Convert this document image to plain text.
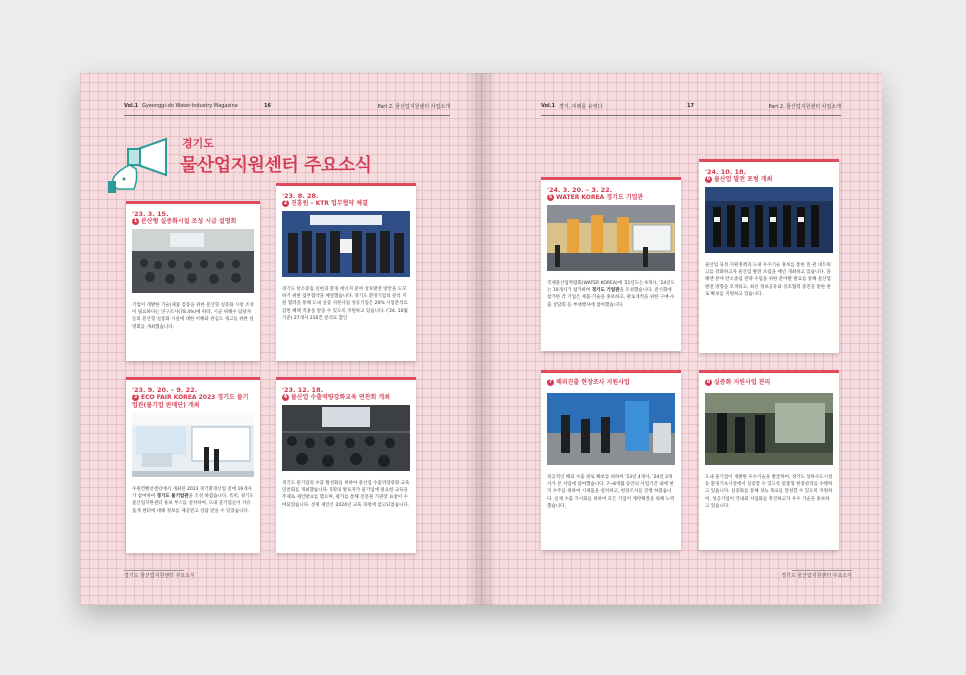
Vol.1 Gyeonggi-do Water-Industry Magazine	16	Part 2. 물산업지원센터 사업소개
경기도
물산업지원센터 주요소식
'23. 3. 15.
1 분산형 실증화시설 조성 시급 설명회
기업이 개발한 기술(제품 검증을 위한 분산형 실증화 시설 조성이 필요하다는 연구조사(78.4%)에 따라, 시군 위해수 담당자들의 분산형 실증화 시설에 대한 이해와 관심도 제고를 위한 설명회를 개최했습니다.
'23. 8. 28.
2 진흥원 – KTR 업무협약 체결
경기도 탄소중립 실현과 환경 에너지 분야 상호발전 방안을 도모하기 위한 업무협약을 체결했습니다. 경기도 환경기업의 분석 지원 협력을 통해 도내 실증 지원사업 성공기업은 20% 시험분석료 감면 혜택 적용을 받을 수 있도록 지원하고 있습니다. ('24. 10월 기준) 27개사 310건 분석료 할인
'23. 9. 20. – 9. 22.
3 ECO FAIR KOREA 2023 경기도 물기업관(물기업 판매단) 개최
수원컨벤션센터에서 개최된 2023 경기환경산업 전에 16개사가 참여하여 경기도 물기업관을 조성 하였습니다. 특히, 경기도 물산업지원센터 홍보 부스를 설치하여, 도내 물기업들이 자유롭게 센터에 대해 정보를 제공받고 상담 받을 수 있었습니다.
'23. 12. 18.
4 물산업 수출역량강화교육 연찬회 개최
경기도 물기업의 수출 활성화를 위하여 물산업 수출역량강화 교육 연찬회를 개최했습니다. 5명의 발표자가 물기업에 필요한 교육을 주제로 제언발표를 했으며, 평가를 통해 진흥원 기관장 표창이 수여되었습니다. 선정 제안은 2024년 교육 과정에 참고되었습니다.
경기도 물산업지원센터 주요소식
Vol.1 경기, 미래를 유영다	17	Part 2. 물산업지원센터 사업소개
'24. 3. 20. – 3. 22.
5 WATER KOREA 경기도 기업관
국제물산업박람회(WATER KOREA)에 '21년도는 9개사, '24년도는 10개사가 참가하여 경기도 기업관을 조성했습니다. 전시회에 참가한 각 기업은 제품·기술을 홍보하고, 판로개척을 위한 구매·수출 상담회 등 부대행사에 참여했습니다.
'24. 10. 18.
6 물산업 발전 포럼 개최
물산업 육성 지원정책과 도내 우수기술 홍보를 통한 민·관 네트워크를 강화하고자 물산업 발전 포럼을 매년 개최하고 있습니다. 올해엔 분야 탄소중립 전략 수립을 위한 분야별 발표를 통해 물산업 발전 방향을 모색하고, 최신 정보공유와 상호협력 증진을 통한 판로 확보를 지원하고 있습니다.
7 해외진출 현장조사 지원사업
성공적인 해외 수출 판로 확보를 위하여 '23년 4개사, '24년 3개사가 본 사업에 참여했습니다. 7~8개월 동안의 사업기간 내에 현지 수주를 위하여 시제품을 설치하고, 현장조사를 진행 하였습니다. 실제 수출 가시화를 위하여 모든 기업이 계약체결을 위해 노력했습니다.
8 실증화 지원사업 관리
도내 물기업이 개발한 우수기술을 발굴하여, 경기도 상하수도시설 등 환경기초시설에서 실증할 수 있도록 맞춤형 현장관리를 수행하고 있습니다. 실증화를 통해 성능 목표를 달성할 수 있도록 지원하여, 성공기업이 국내외 사업화를 촉진하고자 우수 기술을 홍보하고 있습니다.
경기도 물산업지원센터 주요소식
